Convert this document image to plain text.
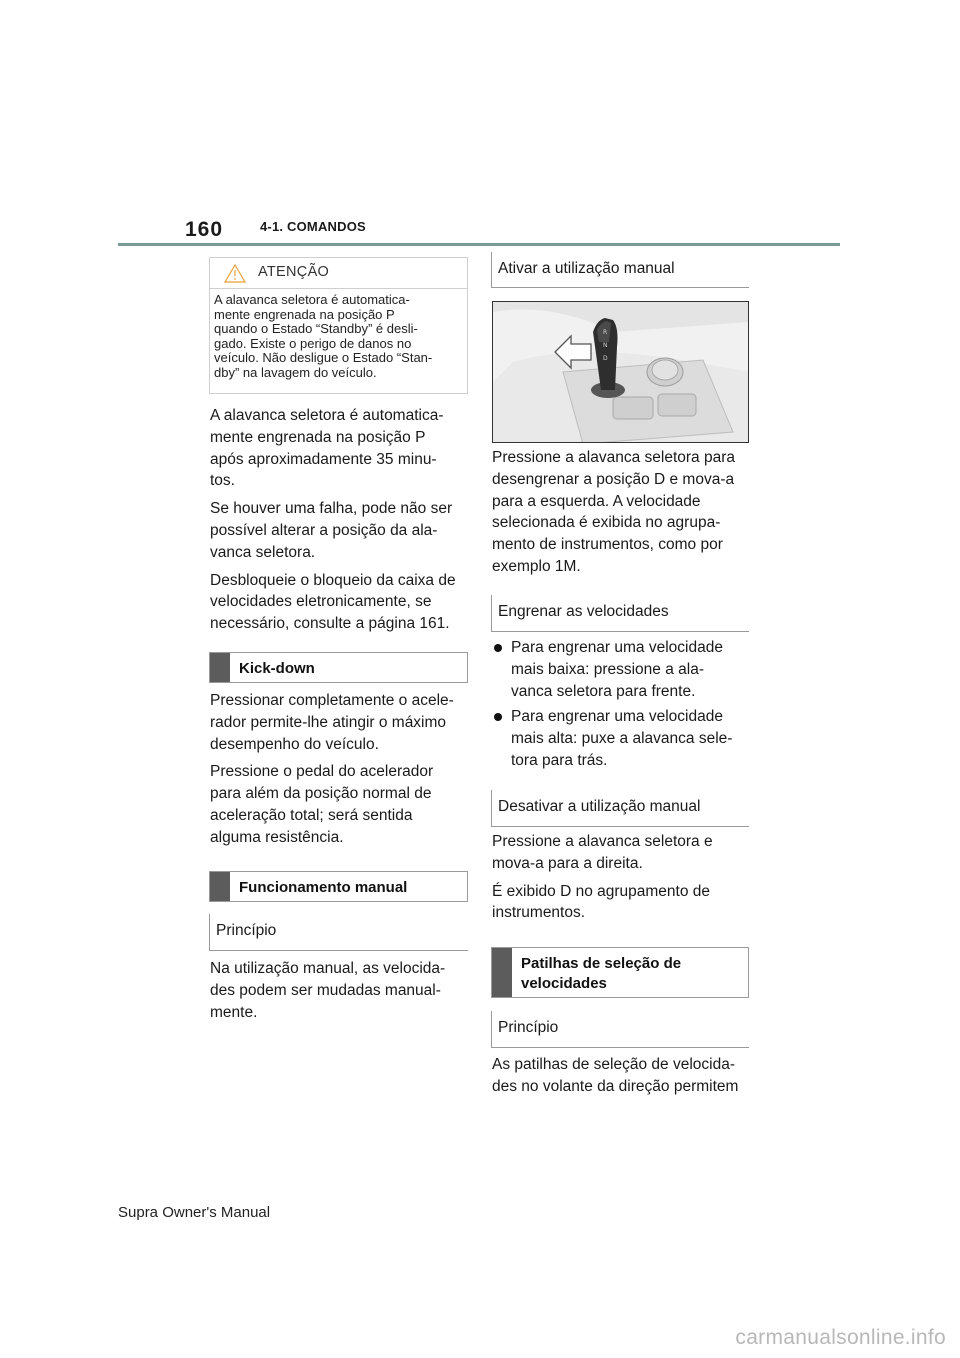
160	4-1. COMANDOS
ATENÇÃO
A alavanca seletora é automatica-
mente engrenada na posição P
quando o Estado “Standby” é desli-
gado. Existe o perigo de danos no
veículo. Não desligue o Estado “Stan-
dby” na lavagem do veículo.

A alavanca seletora é automatica-
mente engrenada na posição P
após aproximadamente 35 minu-
tos.

Se houver uma falha, pode não ser
possível alterar a posição da ala-
vanca seletora.

Desbloqueie o bloqueio da caixa de
velocidades eletronicamente, se
necessário, consulte a página 161.

Kick-down

Pressionar completamente o acele-
rador permite-lhe atingir o máximo
desempenho do veículo.

Pressione o pedal do acelerador
para além da posição normal de
aceleração total; será sentida
alguma resistência.

Funcionamento manual
Princípio

Na utilização manual, as velocida-
des podem ser mudadas manual-
mente.

Ativar a utilização manual
R
N
D

Pressione a alavanca seletora para
desengrenar a posição D e mova-a
para a esquerda. A velocidade
selecionada é exibida no agrupa-
mento de instrumentos, como por
exemplo 1M.

Engrenar as velocidades
Para engrenar uma velocidade
mais baixa: pressione a ala-
vanca seletora para frente.
Para engrenar uma velocidade
mais alta: puxe a alavanca sele-
tora para trás.
Desativar a utilização manual

Pressione a alavanca seletora e
mova-a para a direita.

É exibido D no agrupamento de
instrumentos.

Patilhas de seleção de
velocidades
Princípio

As patilhas de seleção de velocida-
des no volante da direção permitem

Supra Owner's Manual
carmanualsonline.info
